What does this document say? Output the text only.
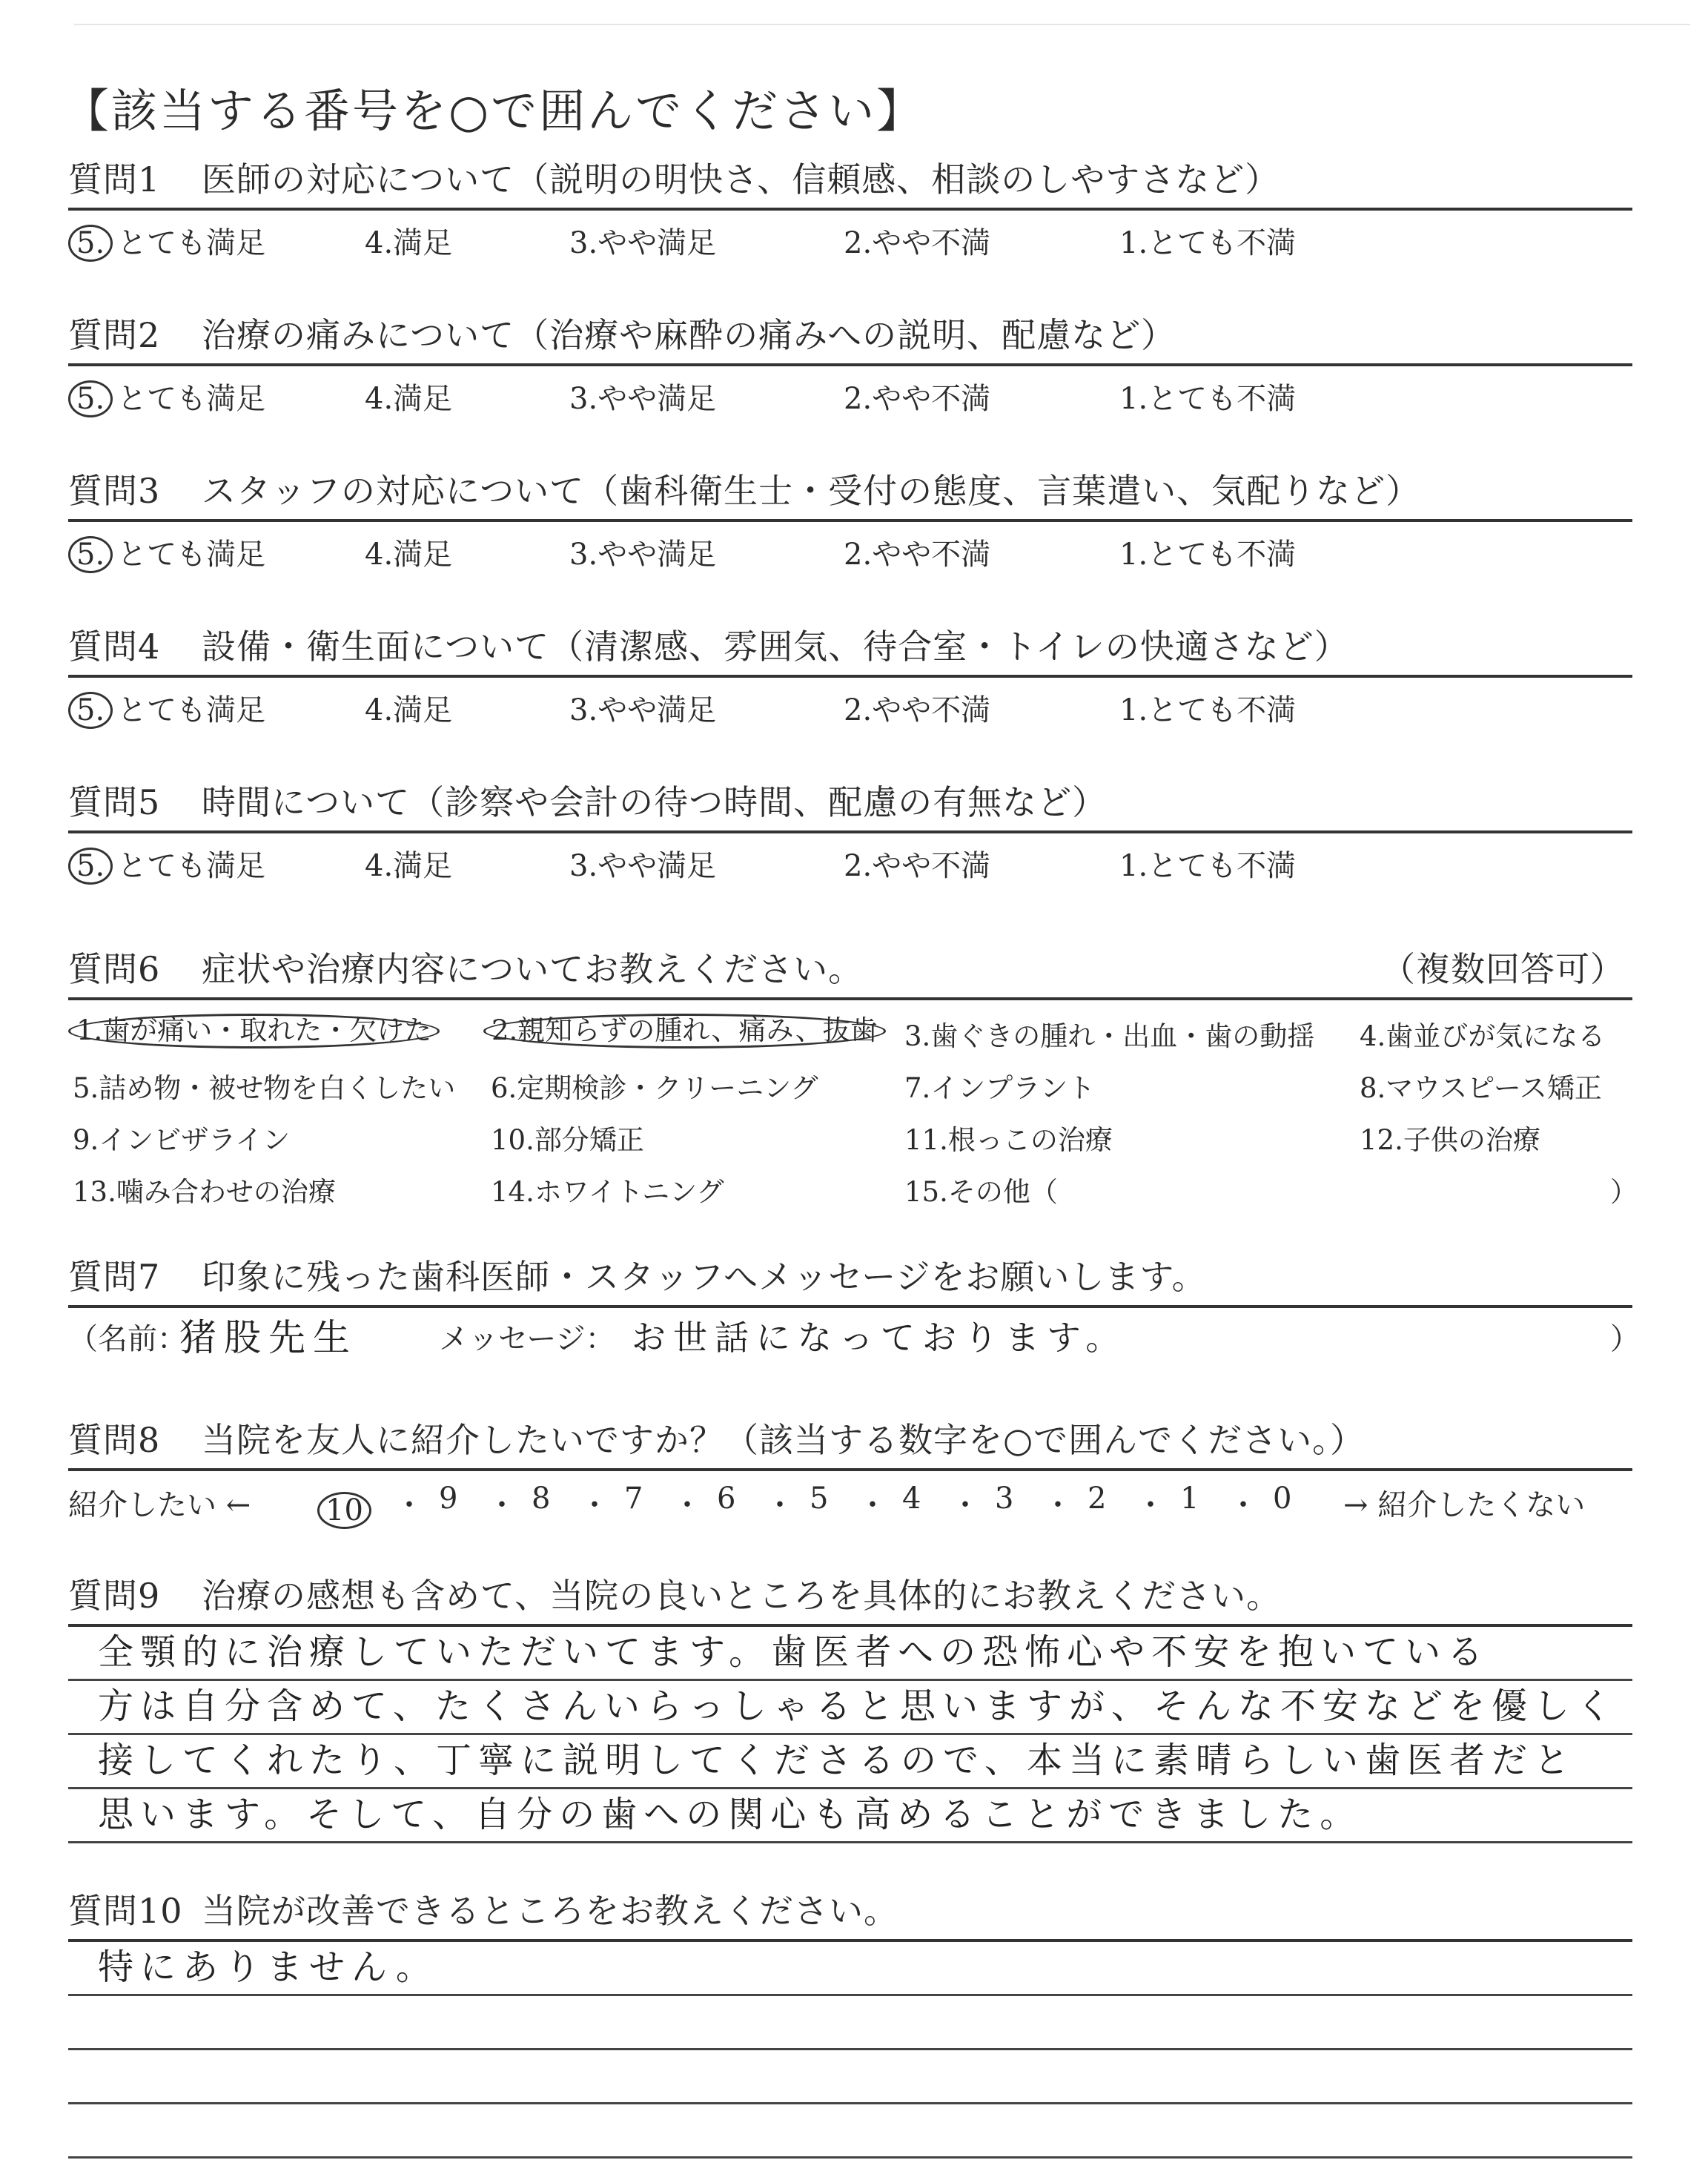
【該当する番号を○で囲んでください】
質問1 医師の対応について（説明の明快さ、信頼感、相談のしやすさなど）
5. とても満足	4.満足	3.やや満足	2.やや不満	1.とても不満
質問2 治療の痛みについて（治療や麻酔の痛みへの説明、配慮など）
5. とても満足	4.満足	3.やや満足	2.やや不満	1.とても不満
質問3 スタッフの対応について（歯科衛生士・受付の態度、言葉遣い、気配りなど）
5. とても満足	4.満足	3.やや満足	2.やや不満	1.とても不満
質問4 設備・衛生面について（清潔感、雰囲気、待合室・トイレの快適さなど）
5. とても満足	4.満足	3.やや満足	2.やや不満	1.とても不満
質問5 時間について（診察や会計の待つ時間、配慮の有無など）
5. とても満足	4.満足	3.やや満足	2.やや不満	1.とても不満
質問6 症状や治療内容についてお教えください。	（複数回答可）
1.歯が痛い・取れた・欠けた	2.親知らずの腫れ、痛み、抜歯 3.歯ぐきの腫れ・出血・歯の動揺 4.歯並びが気になる
5.詰め物・被せ物を白くしたい 6.定期検診・クリーニング	7.インプラント	8.マウスピース矯正
9.インビザライン	10.部分矯正	11.根っこの治療	12.子供の治療
13.噛み合わせの治療	14.ホワイトニング	15.その他（	）
質問7 印象に残った歯科医師・スタッフへメッセージをお願いします。
（名前：
猪股先生	メッセージ： お世話になっております。	）
質問8 当院を友人に紹介したいですか？（該当する数字を○で囲んでください。）
紹介したい ←	10 ・ 9 ・ 8 ・ 7 ・ 6 ・ 5 ・ 4 ・ 3 ・ 2 ・ 1 ・ 0 → 紹介したくない
質問9 治療の感想も含めて、当院の良いところを具体的にお教えください。
全顎的に治療していただいてます。歯医者への恐怖心や不安を抱いている
方は自分含めて、たくさんいらっしゃると思いますが、そんな不安などを優しく
接してくれたり、丁寧に説明してくださるので、本当に素晴らしい歯医者だと
思います。そして、自分の歯への関心も高めることができました。
質問10 当院が改善できるところをお教えください。
特にありません。
